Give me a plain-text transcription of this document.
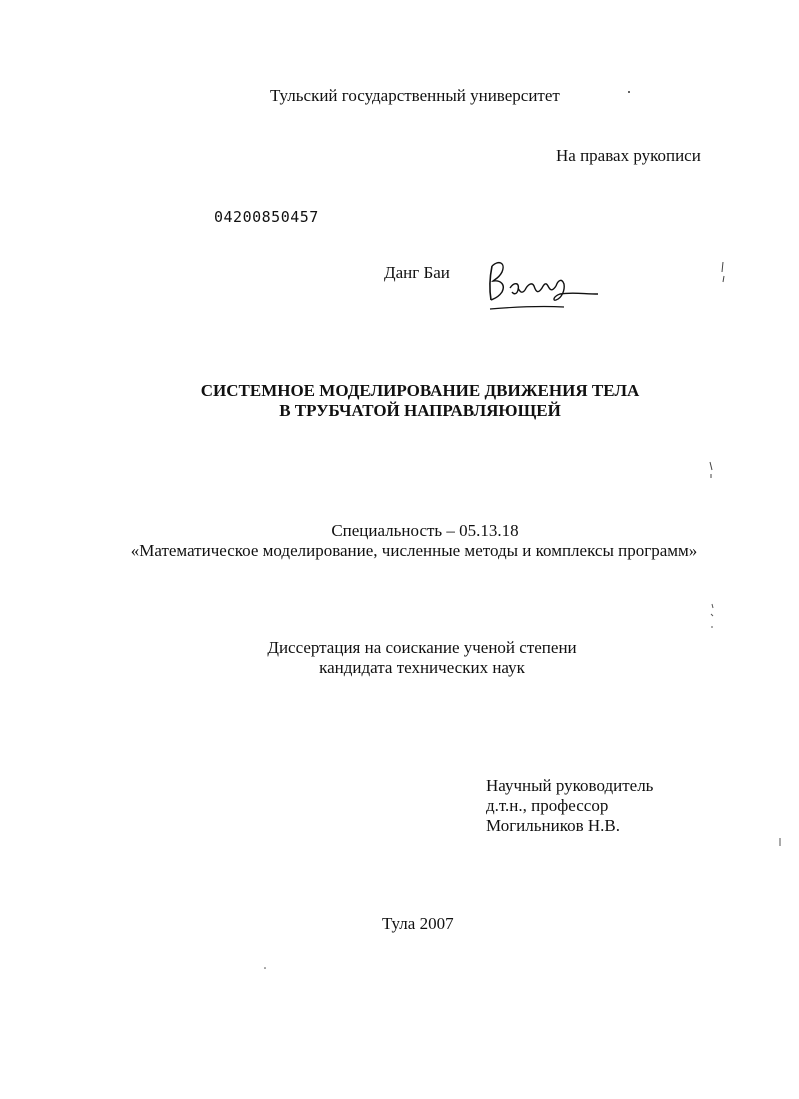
Тульский государственный университет
На правах рукописи
04200850457
Данг Баи
СИСТЕМНОЕ МОДЕЛИРОВАНИЕ ДВИЖЕНИЯ ТЕЛА
В ТРУБЧАТОЙ НАПРАВЛЯЮЩЕЙ
Специальность – 05.13.18
«Математическое моделирование, численные методы и комплексы программ»
Диссертация на соискание ученой степени
кандидата технических наук
Научный руководитель
д.т.н., профессор
Могильников Н.В.
Тула 2007
